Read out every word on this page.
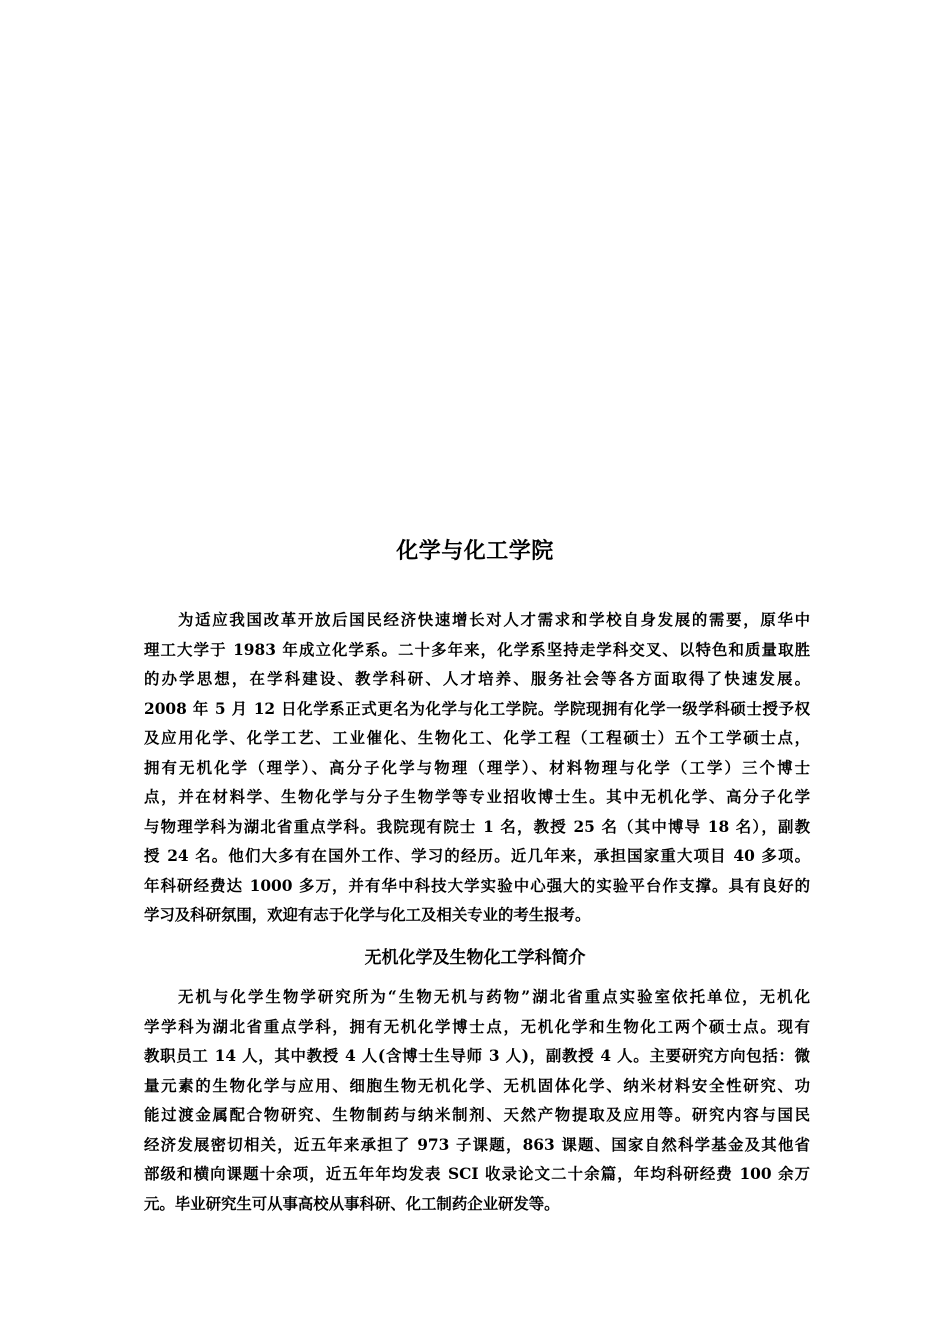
化学与化工学院
为适应我国改革开放后国民经济快速增长对人才需求和学校自身发展的需要，原华中
理工大学于 1983 年成立化学系。二十多年来，化学系坚持走学科交叉、以特色和质量取胜
的办学思想，在学科建设、教学科研、人才培养、服务社会等各方面取得了快速发展。
2008 年 5 月 12 日化学系正式更名为化学与化工学院。学院现拥有化学一级学科硕士授予权
及应用化学、化学工艺、工业催化、生物化工、化学工程（工程硕士）五个工学硕士点，
拥有无机化学（理学）、高分子化学与物理（理学）、材料物理与化学（工学）三个博士
点，并在材料学、生物化学与分子生物学等专业招收博士生。其中无机化学、高分子化学
与物理学科为湖北省重点学科。我院现有院士 1 名，教授 25 名（其中博导 18 名），副教
授 24 名。他们大多有在国外工作、学习的经历。近几年来，承担国家重大项目 40 多项。
年科研经费达 1000 多万，并有华中科技大学实验中心强大的实验平台作支撑。具有良好的
学习及科研氛围，欢迎有志于化学与化工及相关专业的考生报考。
无机化学及生物化工学科简介
无机与化学生物学研究所为“生物无机与药物”湖北省重点实验室依托单位，无机化
学学科为湖北省重点学科，拥有无机化学博士点，无机化学和生物化工两个硕士点。现有
教职员工 14 人，其中教授 4 人(含博士生导师 3 人)，副教授 4 人。主要研究方向包括：微
量元素的生物化学与应用、细胞生物无机化学、无机固体化学、纳米材料安全性研究、功
能过渡金属配合物研究、生物制药与纳米制剂、天然产物提取及应用等。研究内容与国民
经济发展密切相关，近五年来承担了 973 子课题，863 课题、国家自然科学基金及其他省
部级和横向课题十余项，近五年年均发表 SCI 收录论文二十余篇，年均科研经费 100 余万
元。毕业研究生可从事高校从事科研、化工制药企业研发等。
